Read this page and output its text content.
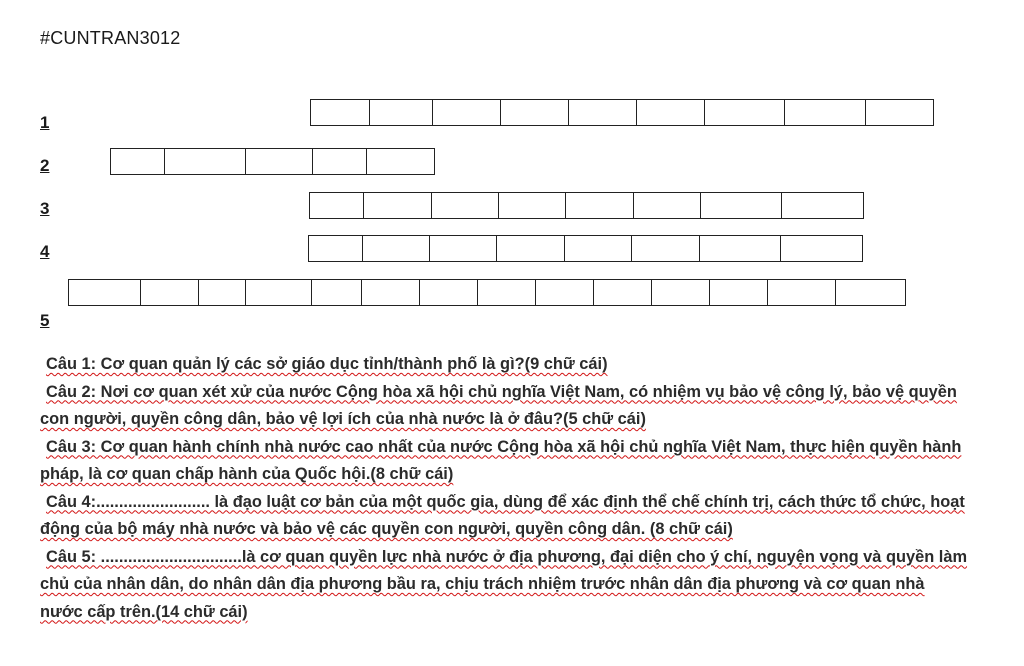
#CUNTRAN3012
1
2
3
4
5

Câu 1: Cơ quan quản lý các sở giáo dục tỉnh/thành phố là gì?(9 chữ cái)

Câu 2: Nơi cơ quan xét xử của nước Cộng hòa xã hội chủ nghĩa Việt Nam, có nhiệm vụ bảo vệ công lý, bảo vệ quyền con người, quyền công dân, bảo vệ lợi ích của nhà nước là ở đâu?(5 chữ cái)

Câu 3: Cơ quan hành chính nhà nước cao nhất của nước Cộng hòa xã hội chủ nghĩa Việt Nam, thực hiện quyền hành pháp, là cơ quan chấp hành của Quốc hội.(8 chữ cái)

Câu 4:......................... là đạo luật cơ bản của một quốc gia, dùng để xác định thể chế chính trị, cách thức tổ chức, hoạt động của bộ máy nhà nước và bảo vệ các quyền con người, quyền công dân. (8 chữ cái)

Câu 5: ...............................là cơ quan quyền lực nhà nước ở địa phương, đại diện cho ý chí, nguyện vọng và quyền làm chủ của nhân dân, do nhân dân địa phương bầu ra, chịu trách nhiệm trước nhân dân địa phương và cơ quan nhà nước cấp trên.(14 chữ cái)
